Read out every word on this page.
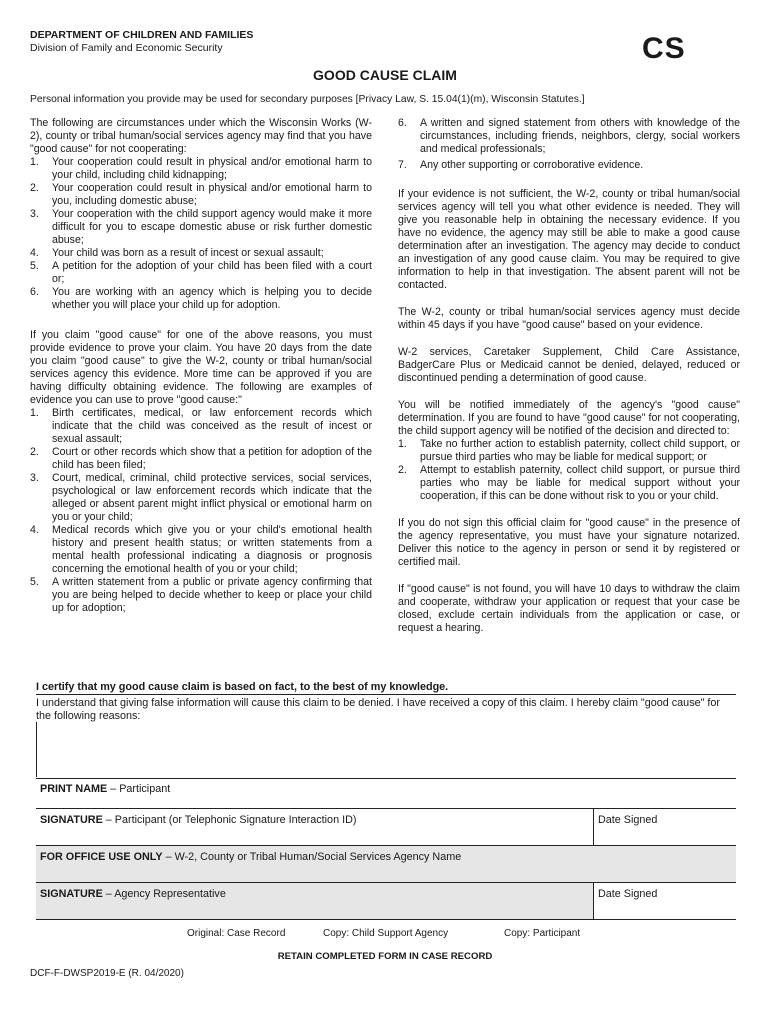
DEPARTMENT OF CHILDREN AND FAMILIES
Division of Family and Economic Security	CS
GOOD CAUSE CLAIM
Personal information you provide may be used for secondary purposes [Privacy Law, S. 15.04(1)(m), Wisconsin Statutes.]

The following are circumstances under which the Wisconsin Works (W-2), county or tribal human/social services agency may find that you have "good cause" for not cooperating:

1. Your cooperation could result in physical and/or emotional harm to your child, including child kidnapping;
2. Your cooperation could result in physical and/or emotional harm to you, including domestic abuse;
3. Your cooperation with the child support agency would make it more difficult for you to escape domestic abuse or risk further domestic abuse;
4. Your child was born as a result of incest or sexual assault;
5. A petition for the adoption of your child has been filed with a court or;
6. You are working with an agency which is helping you to decide whether you will place your child up for adoption.

If you claim "good cause" for one of the above reasons, you must provide evidence to prove your claim. You have 20 days from the date you claim "good cause" to give the W-2, county or tribal human/social services agency this evidence. More time can be approved if you are having difficulty obtaining evidence. The following are examples of evidence you can use to prove "good cause:"

1. Birth certificates, medical, or law enforcement records which indicate that the child was conceived as the result of incest or sexual assault;
2. Court or other records which show that a petition for adoption of the child has been filed;
3. Court, medical, criminal, child protective services, social services, psychological or law enforcement records which indicate that the alleged or absent parent might inflict physical or emotional harm on you or your child;
4. Medical records which give you or your child's emotional health history and present health status; or written statements from a mental health professional indicating a diagnosis or prognosis concerning the emotional health of you or your child;
5. A written statement from a public or private agency confirming that you are being helped to decide whether to keep or place your child up for adoption;
6. A written and signed statement from others with knowledge of the circumstances, including friends, neighbors, clergy, social workers and medical professionals;
7. Any other supporting or corroborative evidence.

If your evidence is not sufficient, the W-2, county or tribal human/social services agency will tell you what other evidence is needed. They will give you reasonable help in obtaining the necessary evidence. If you have no evidence, the agency may still be able to make a good cause determination after an investigation. The agency may decide to conduct an investigation of any good cause claim. You may be required to give information to help in that investigation. The absent parent will not be contacted.

The W-2, county or tribal human/social services agency must decide within 45 days if you have "good cause" based on your evidence.

W-2 services, Caretaker Supplement, Child Care Assistance, BadgerCare Plus or Medicaid cannot be denied, delayed, reduced or discontinued pending a determination of good cause.

You will be notified immediately of the agency's "good cause" determination. If you are found to have "good cause" for not cooperating, the child support agency will be notified of the decision and directed to:

1. Take no further action to establish paternity, collect child support, or pursue third parties who may be liable for medical support; or
2. Attempt to establish paternity, collect child support, or pursue third parties who may be liable for medical support without your cooperation, if this can be done without risk to you or your child.

If you do not sign this official claim for "good cause" in the presence of the agency representative, you must have your signature notarized. Deliver this notice to the agency in person or send it by registered or certified mail.

If "good cause" is not found, you will have 10 days to withdraw the claim and cooperate, withdraw your application or request that your case be closed, exclude certain individuals from the application or case, or request a hearing.

I certify that my good cause claim is based on fact, to the best of my knowledge.
I understand that giving false information will cause this claim to be denied. I have received a copy of this claim. I hereby claim "good cause" for the following reasons:
PRINT NAME – Participant
SIGNATURE – Participant (or Telephonic Signature Interaction ID)	Date Signed
FOR OFFICE USE ONLY – W-2, County or Tribal Human/Social Services Agency Name
SIGNATURE – Agency Representative	Date Signed
Original: Case Record	Copy: Child Support Agency	Copy: Participant
RETAIN COMPLETED FORM IN CASE RECORD
DCF-F-DWSP2019-E (R. 04/2020)
